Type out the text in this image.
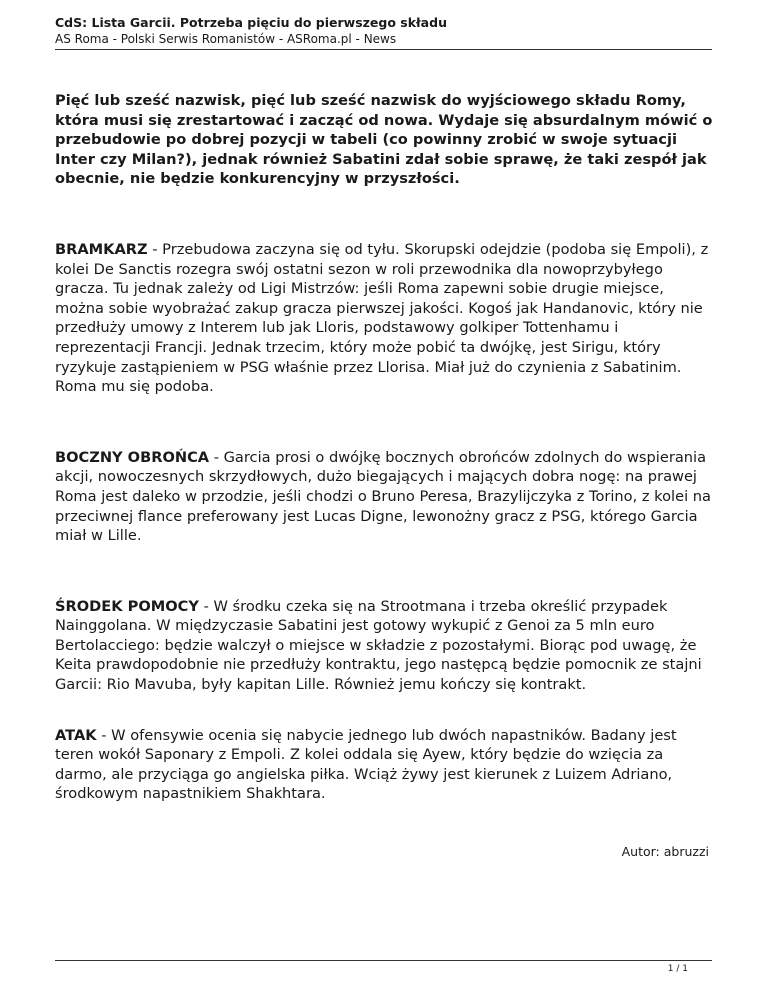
CdS: Lista Garcii. Potrzeba pięciu do pierwszego składu
AS Roma - Polski Serwis Romanistów - ASRoma.pl - News

Pięć lub sześć nazwisk, pięć lub sześć nazwisk do wyjściowego składu Romy, która musi się zrestartować i zacząć od nowa. Wydaje się absurdalnym mówić o przebudowie po dobrej pozycji w tabeli (co powinny zrobić w swoje sytuacji Inter czy Milan?), jednak również Sabatini zdał sobie sprawę, że taki zespół jak obecnie, nie będzie konkurencyjny w przyszłości.

BRAMKARZ - Przebudowa zaczyna się od tyłu. Skorupski odejdzie (podoba się Empoli), z kolei De Sanctis rozegra swój ostatni sezon w roli przewodnika dla nowoprzybyłego gracza. Tu jednak zależy od Ligi Mistrzów: jeśli Roma zapewni sobie drugie miejsce, można sobie wyobrażać zakup gracza pierwszej jakości. Kogoś jak Handanovic, który nie przedłuży umowy z Interem lub jak Lloris, podstawowy golkiper Tottenhamu i reprezentacji Francji. Jednak trzecim, który może pobić ta dwójkę, jest Sirigu, który ryzykuje zastąpieniem w PSG właśnie przez Llorisa. Miał już do czynienia z Sabatinim. Roma mu się podoba.

BOCZNY OBROŃCA - Garcia prosi o dwójkę bocznych obrońców zdolnych do wspierania akcji, nowoczesnych skrzydłowych, dużo biegających i mających dobra nogę: na prawej Roma jest daleko w przodzie, jeśli chodzi o Bruno Peresa, Brazylijczyka z Torino, z kolei na przeciwnej flance preferowany jest Lucas Digne, lewonożny gracz z PSG, którego Garcia miał w Lille.

ŚRODEK POMOCY - W środku czeka się na Strootmana i trzeba określić przypadek Nainggolana. W międzyczasie Sabatini jest gotowy wykupić z Genoi za 5 mln euro Bertolacciego: będzie walczył o miejsce w składzie z pozostałymi. Biorąc pod uwagę, że Keita prawdopodobnie nie przedłuży kontraktu, jego następcą będzie pomocnik ze stajni Garcii: Rio Mavuba, były kapitan Lille. Również jemu kończy się kontrakt.

ATAK - W ofensywie ocenia się nabycie jednego lub dwóch napastników. Badany jest teren wokół Saponary z Empoli. Z kolei oddala się Ayew, który będzie do wzięcia za darmo, ale przyciąga go angielska piłka. Wciąż żywy jest kierunek z Luizem Adriano, środkowym napastnikiem Shakhtara.

Autor: abruzzi
1 / 1
